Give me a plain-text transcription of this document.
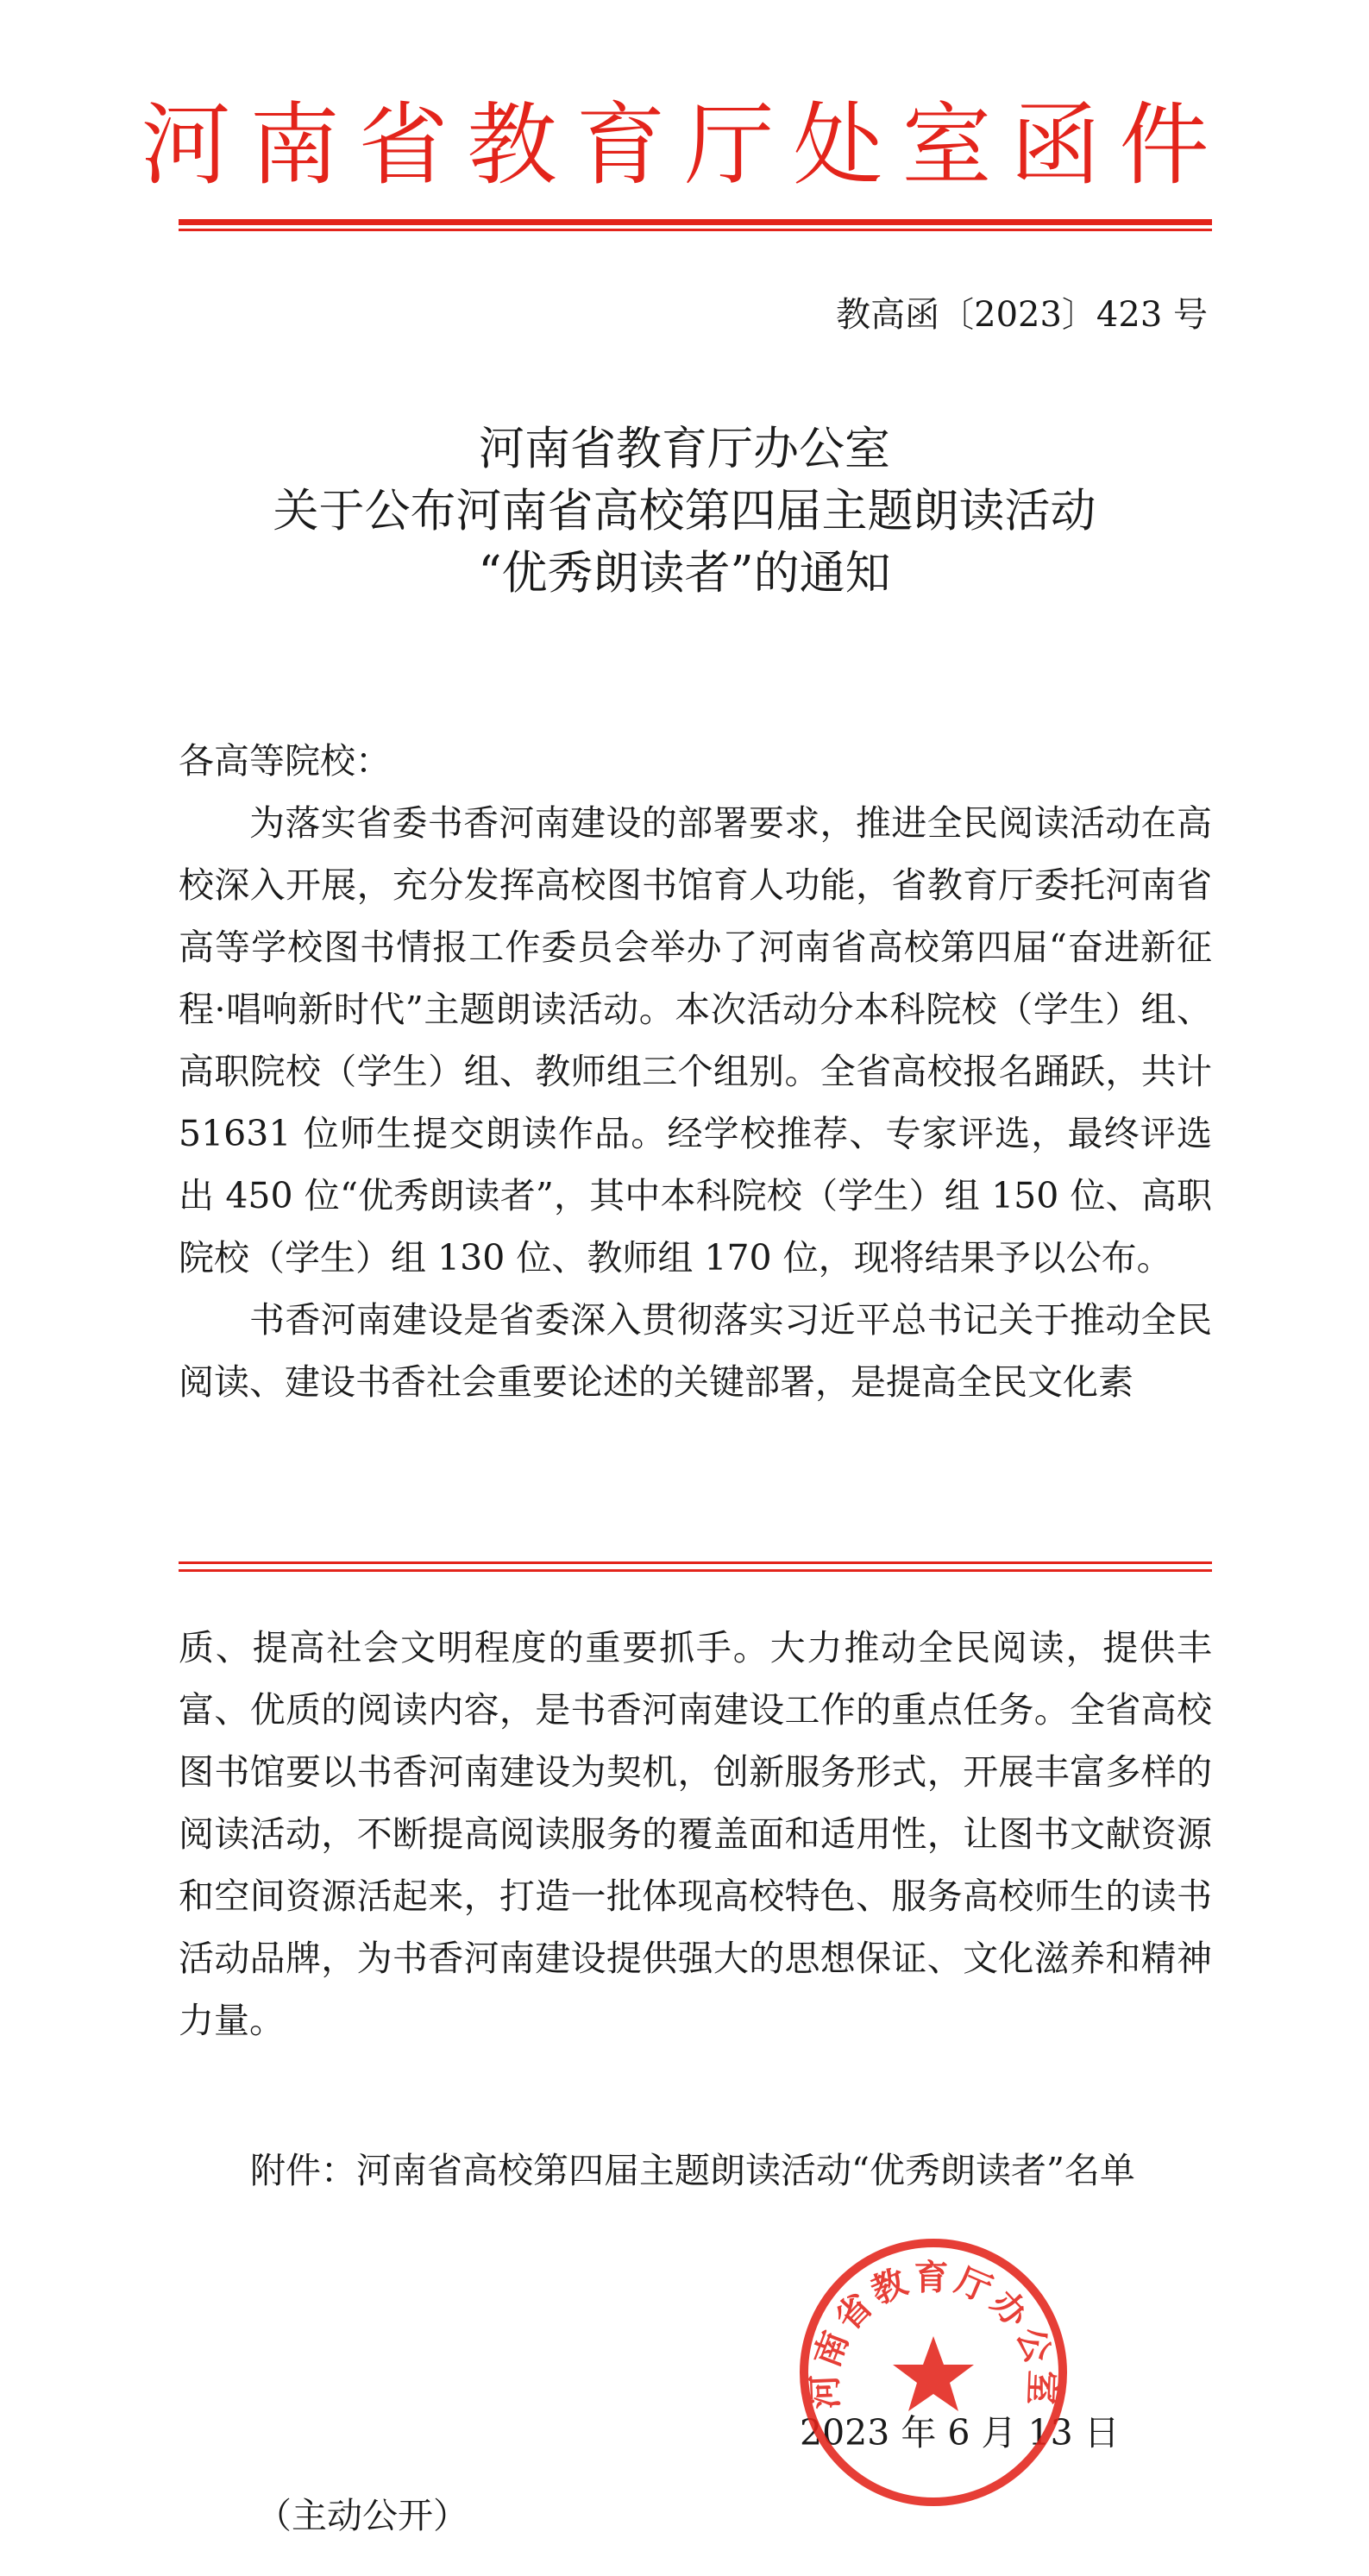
河南省教育厅处室函件
教高函〔2023〕423 号
河南省教育厅办公室
关于公布河南省高校第四届主题朗读活动
“优秀朗读者”的通知
各高等院校：

为落实省委书香河南建设的部署要求，推进全民阅读活动在高校深入开展，充分发挥高校图书馆育人功能，省教育厅委托河南省高等学校图书情报工作委员会举办了河南省高校第四届“奋进新征程·唱响新时代”主题朗读活动。本次活动分本科院校（学生）组、高职院校（学生）组、教师组三个组别。全省高校报名踊跃，共计 51631 位师生提交朗读作品。经学校推荐、专家评选，最终评选出 450 位“优秀朗读者”，其中本科院校（学生）组 150 位、高职院校（学生）组 130 位、教师组 170 位，现将结果予以公布。

书香河南建设是省委深入贯彻落实习近平总书记关于推动全民阅读、建设书香社会重要论述的关键部署，是提高全民文化素

质、提高社会文明程度的重要抓手。大力推动全民阅读，提供丰富、优质的阅读内容，是书香河南建设工作的重点任务。全省高校图书馆要以书香河南建设为契机，创新服务形式，开展丰富多样的阅读活动，不断提高阅读服务的覆盖面和适用性，让图书文献资源和空间资源活起来，打造一批体现高校特色、服务高校师生的读书活动品牌，为书香河南建设提供强大的思想保证、文化滋养和精神力量。

附件：河南省高校第四届主题朗读活动“优秀朗读者”名单
2023 年 6 月 13 日
河南省教育厅办公室
（主动公开）
